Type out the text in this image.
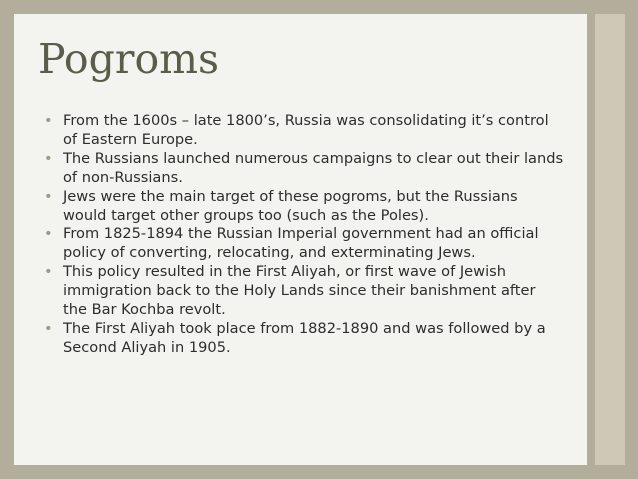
Pogroms
• From the 1600s – late 1800’s, Russia was consolidating it’s control of Eastern Europe.
• The Russians launched numerous campaigns to clear out their lands of non-Russians.
• Jews were the main target of these pogroms, but the Russians would target other groups too (such as the Poles).
• From 1825-1894 the Russian Imperial government had an official policy of converting, relocating, and exterminating Jews.
• This policy resulted in the First Aliyah, or first wave of Jewish immigration back to the Holy Lands since their banishment after the Bar Kochba revolt.
• The First Aliyah took place from 1882-1890 and was followed by a Second Aliyah in 1905.
